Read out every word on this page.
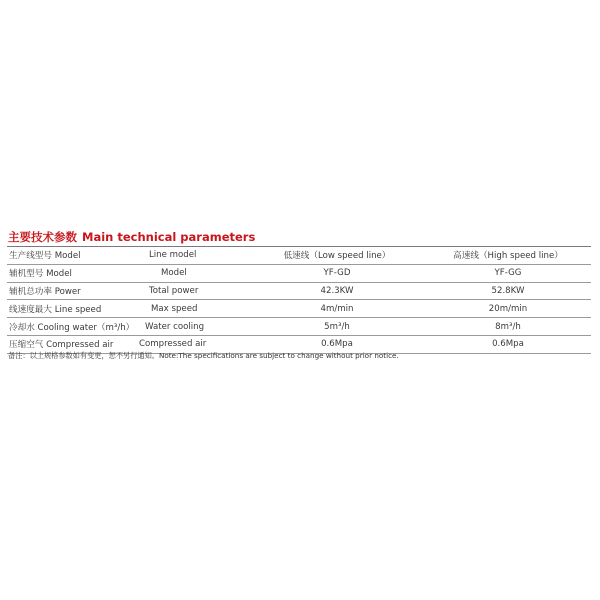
主要技术参数 Main technical parameters
生产线型号 Model	Line model	低速线（Low speed line）	高速线（High speed line）
辅机型号 Model	Model	YF-GD	YF-GG
辅机总功率 Power	Total power	42.3KW	52.8KW
线速度最大 Line speed	Max speed	4m/min	20m/min
冷却水 Cooling water（m³/h）	Water cooling	5m³/h	8m³/h
压缩空气 Compressed air	Compressed air	0.6Mpa	0.6Mpa
备注：以上规格参数如有变更，恕不另行通知。Note:The specifications are subject to change without prior notice.
